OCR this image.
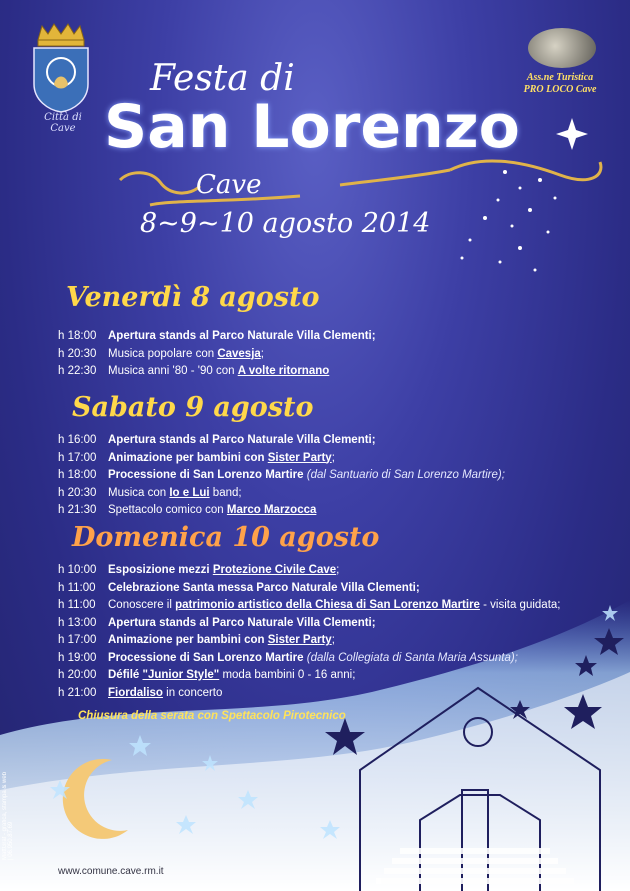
Città di
Cave
Ass.ne Turistica
PRO LOCO Cave
Festa di
San Lorenzo
Cave
8~9~10 agosto 2014
Venerdì 8 agosto
h 18:00 Apertura stands al Parco Naturale Villa Clementi;
h 20:30 Musica popolare con Cavesja;
h 22:30 Musica anni '80 - '90 con A volte ritornano
Sabato 9 agosto
h 16:00 Apertura stands al Parco Naturale Villa Clementi;
h 17:00 Animazione per bambini con Sister Party;
h 18:00 Processione di San Lorenzo Martire (dal Santuario di San Lorenzo Martire);
h 20:30 Musica con Io e Lui band;
h 21:30 Spettacolo comico con Marco Marzocca
Domenica 10 agosto
h 10:00 Esposizione mezzi Protezione Civile Cave;
h 11:00 Celebrazione Santa messa Parco Naturale Villa Clementi;
h 11:00 Conoscere il patrimonio artistico della Chiesa di San Lorenzo Martire - visita guidata;
h 13:00 Apertura stands al Parco Naturale Villa Clementi;
h 17:00 Animazione per bambini con Sister Party;
h 19:00 Processione di San Lorenzo Martire (dalla Collegiata di Santa Maria Assunta);
h 20:00 Défilé "Junior Style" moda bambini 0 - 16 anni;
h 21:00 Fiordaliso in concerto
Chiusura della serata con Spettacolo Pirotecnico
MattGraf - grafica, stampa & web | 06.950.87.69
www.comune.cave.rm.it
